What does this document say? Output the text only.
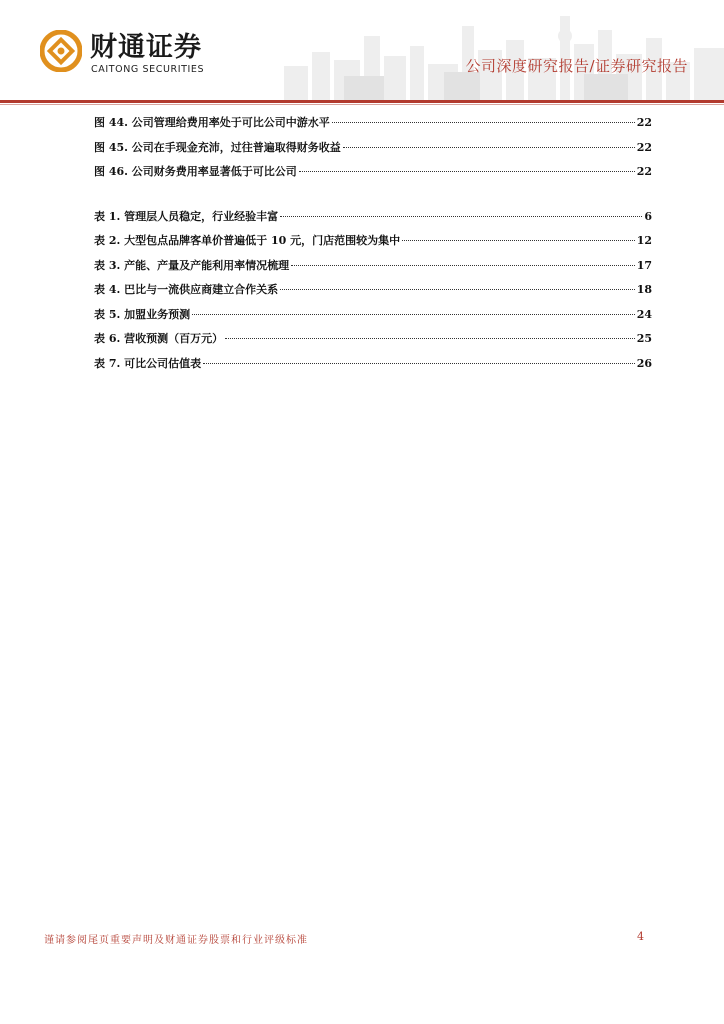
财通证券
CAITONG SECURITIES	公司深度研究报告/证券研究报告
图 44. 公司管理给费用率处于可比公司中游水平	22
图 45. 公司在手现金充沛，过往普遍取得财务收益	22
图 46. 公司财务费用率显著低于可比公司	22
表 1. 管理层人员稳定，行业经验丰富	6
表 2. 大型包点品牌客单价普遍低于 10 元，门店范围较为集中	12
表 3. 产能、产量及产能利用率情况梳理	17
表 4. 巴比与一流供应商建立合作关系	18
表 5. 加盟业务预测	24
表 6. 营收预测（百万元）	25
表 7. 可比公司估值表	26
谨请参阅尾页重要声明及财通证券股票和行业评级标准	4
